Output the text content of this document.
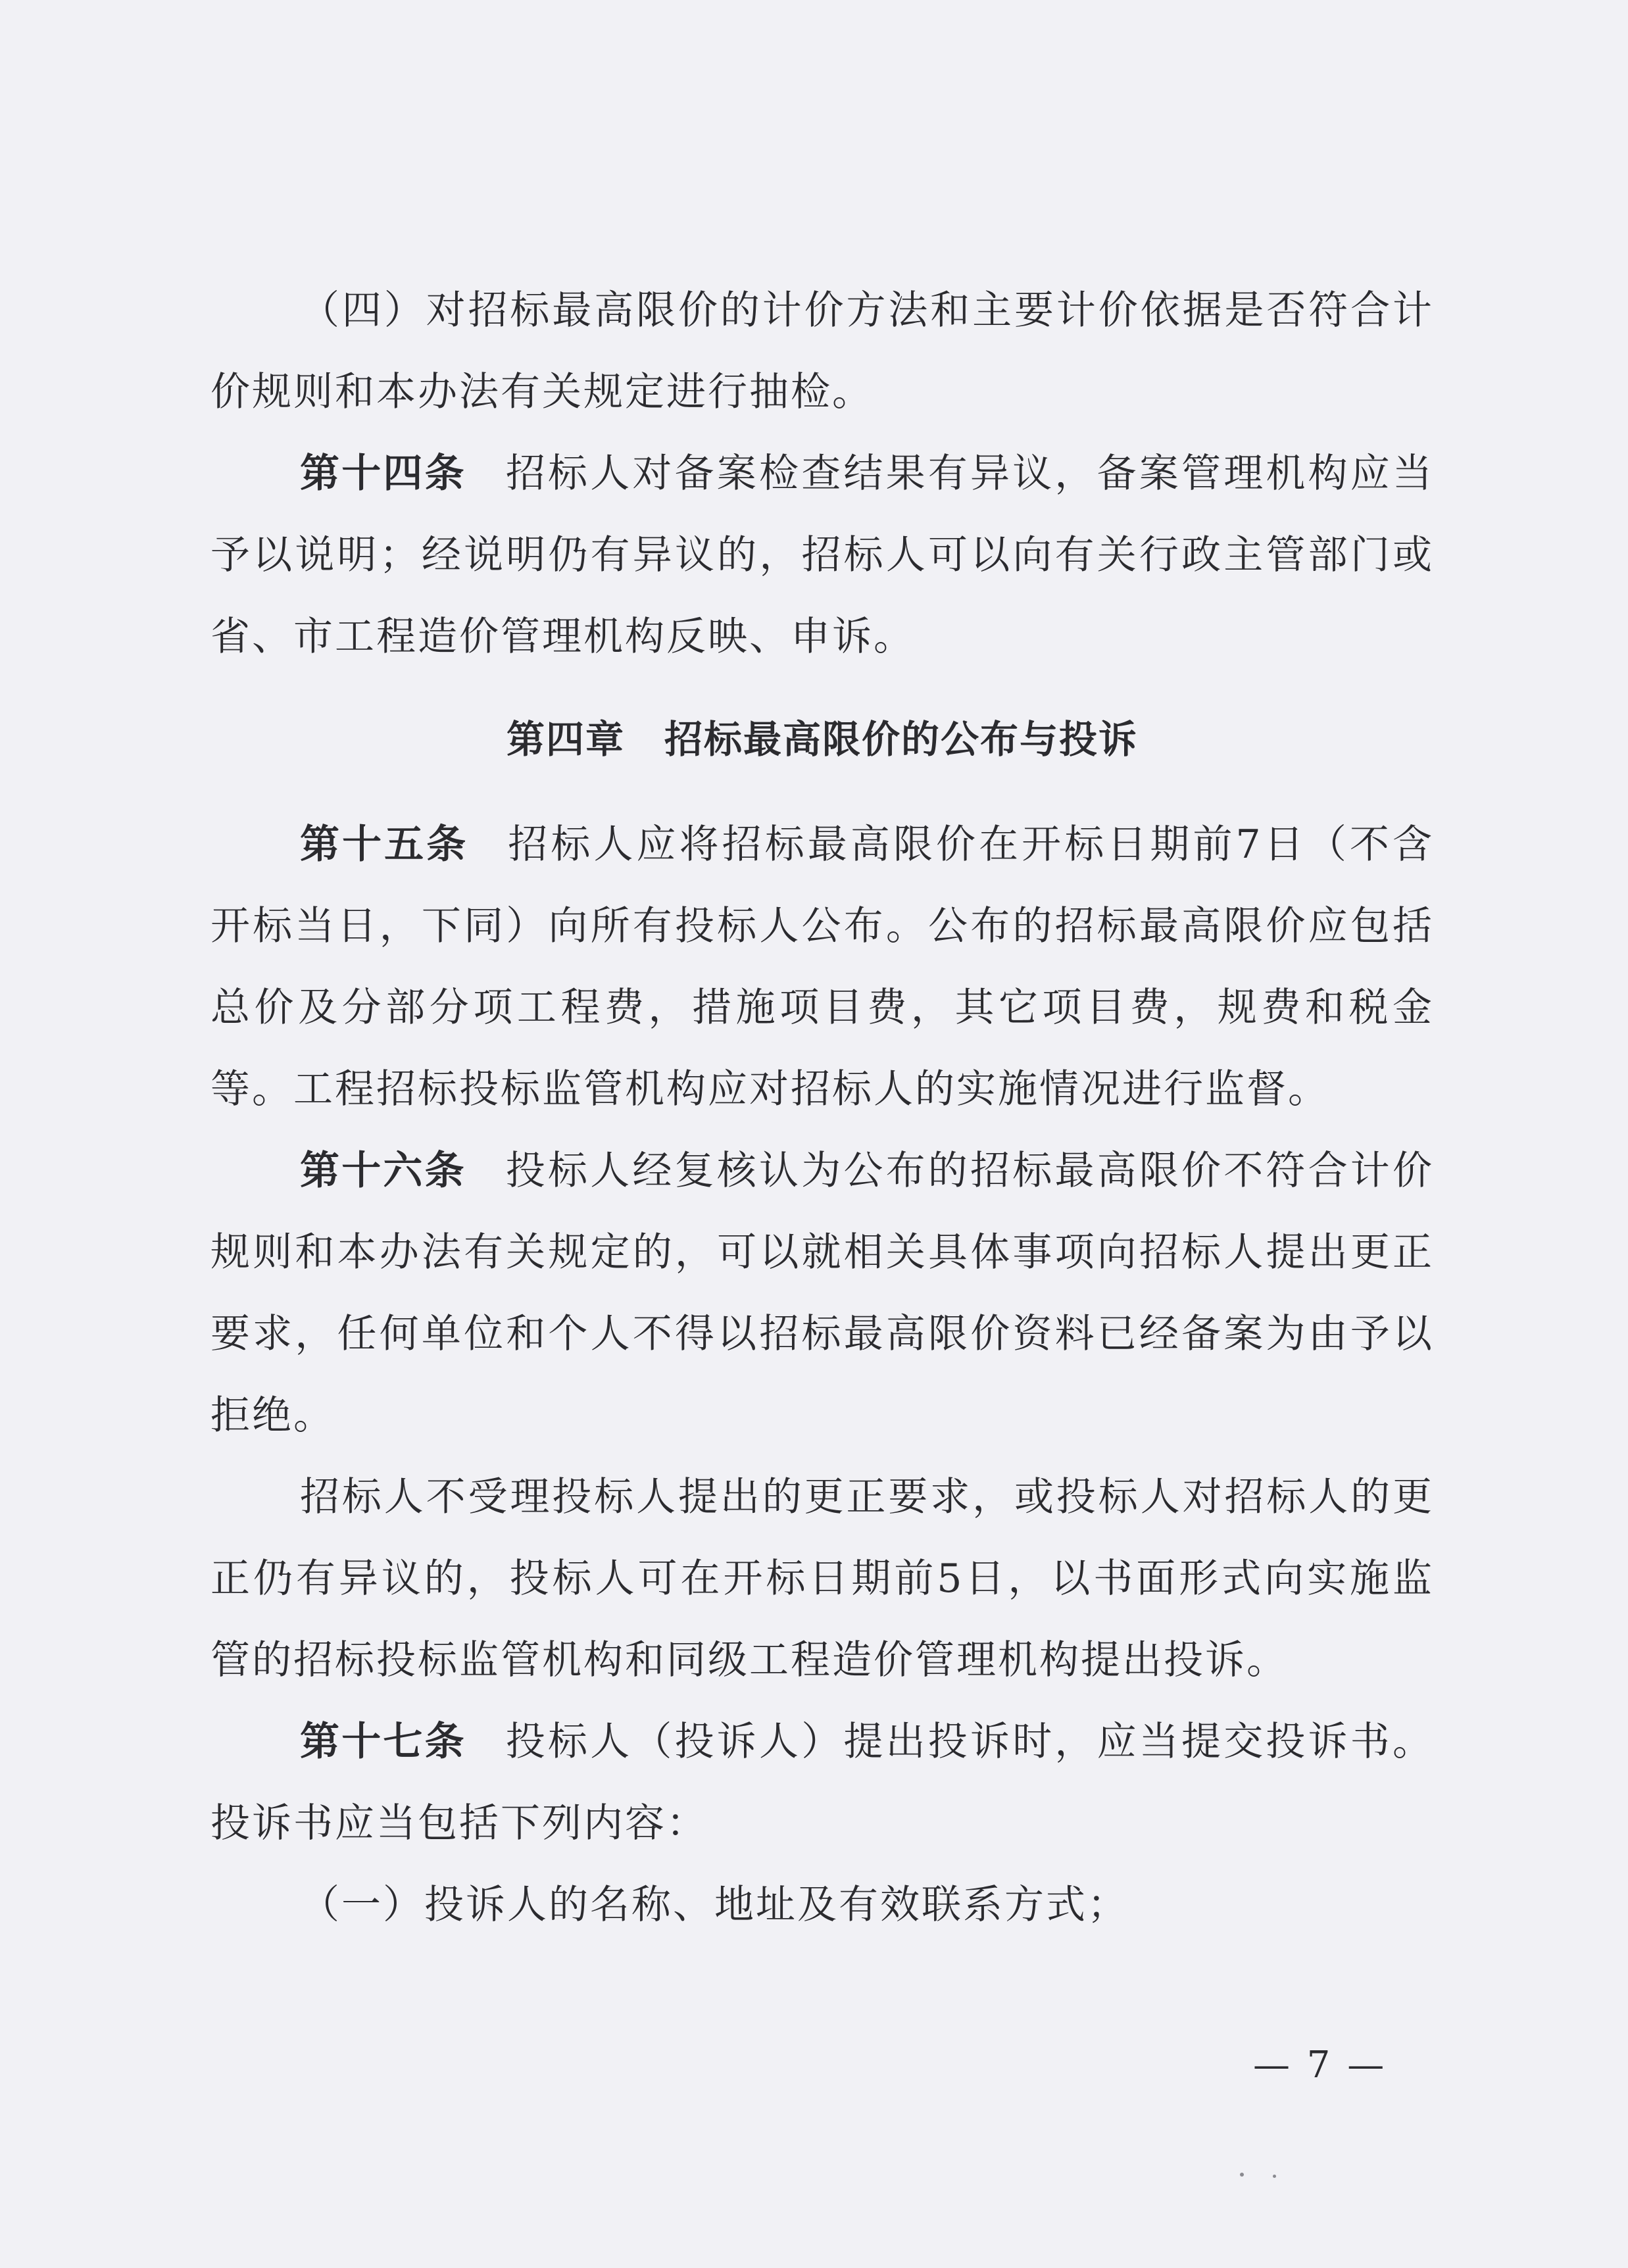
（四）对招标最高限价的计价方法和主要计价依据是否符合计价规则和本办法有关规定进行抽检。

第十四条 招标人对备案检查结果有异议，备案管理机构应当予以说明；经说明仍有异议的，招标人可以向有关行政主管部门或省、市工程造价管理机构反映、申诉。

第四章 招标最高限价的公布与投诉

第十五条 招标人应将招标最高限价在开标日期前7日（不含开标当日，下同）向所有投标人公布。公布的招标最高限价应包括总价及分部分项工程费，措施项目费，其它项目费，规费和税金等。工程招标投标监管机构应对招标人的实施情况进行监督。

第十六条 投标人经复核认为公布的招标最高限价不符合计价规则和本办法有关规定的，可以就相关具体事项向招标人提出更正要求，任何单位和个人不得以招标最高限价资料已经备案为由予以拒绝。

招标人不受理投标人提出的更正要求，或投标人对招标人的更正仍有异议的，投标人可在开标日期前5日，以书面形式向实施监管的招标投标监管机构和同级工程造价管理机构提出投诉。

第十七条 投标人（投诉人）提出投诉时，应当提交投诉书。投诉书应当包括下列内容：

（一）投诉人的名称、地址及有效联系方式；

— 7 —
